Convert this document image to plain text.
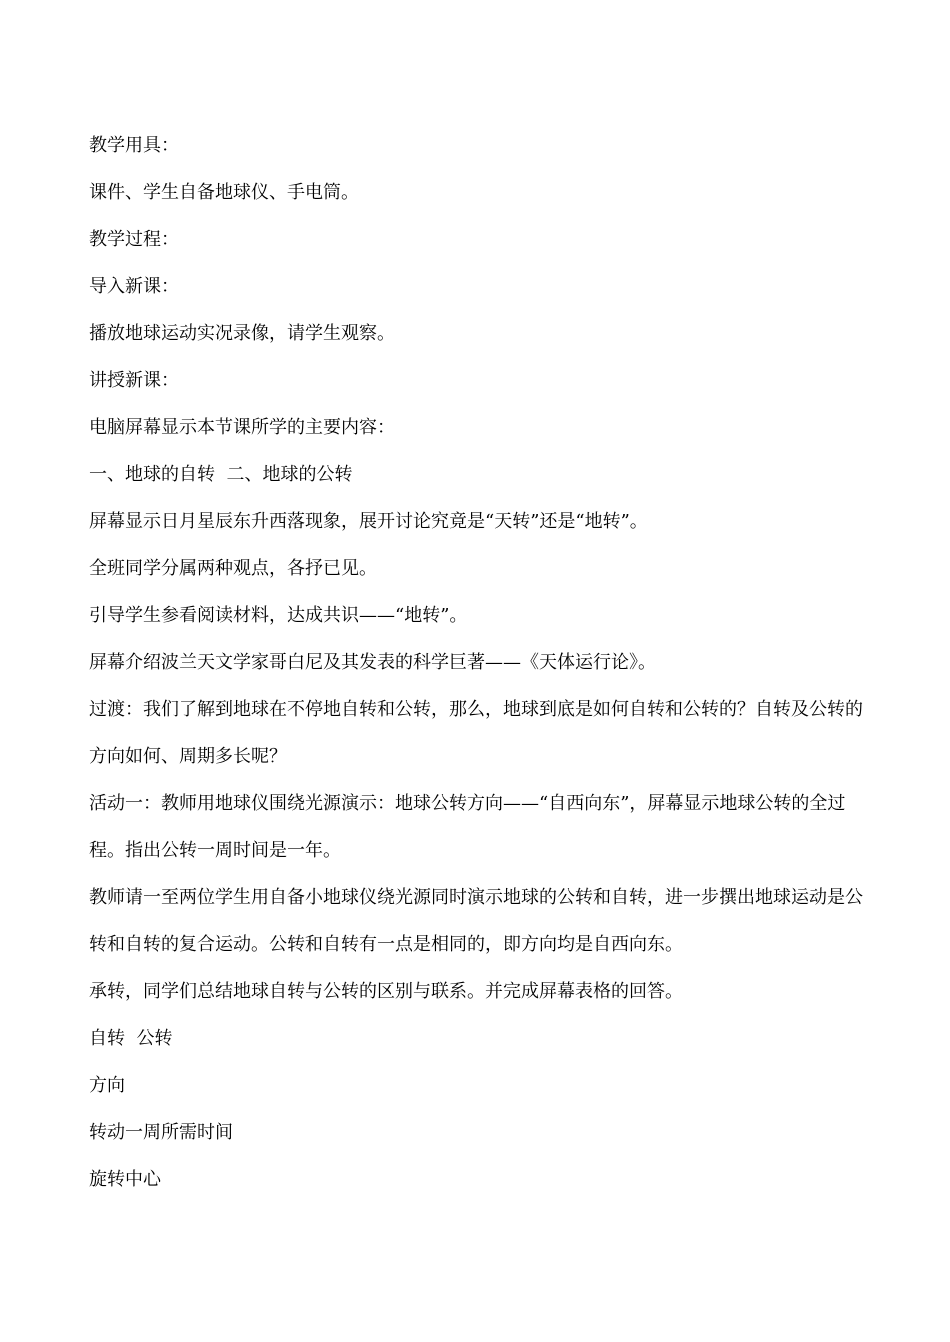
教学用具：

课件、学生自备地球仪、手电筒。

教学过程：

导入新课：

播放地球运动实况录像，请学生观察。

讲授新课：

电脑屏幕显示本节课所学的主要内容：

一、地球的自转  二、地球的公转

屏幕显示日月星辰东升西落现象，展开讨论究竟是“天转”还是“地转”。

全班同学分属两种观点，各抒已见。

引导学生参看阅读材料，达成共识——“地转”。

屏幕介绍波兰天文学家哥白尼及其发表的科学巨著——《天体运行论》。

过渡：我们了解到地球在不停地自转和公转，那么，地球到底是如何自转和公转的？自转及公转的方向如何、周期多长呢？

活动一：教师用地球仪围绕光源演示：地球公转方向——“自西向东”，屏幕显示地球公转的全过程。指出公转一周时间是一年。

教师请一至两位学生用自备小地球仪绕光源同时演示地球的公转和自转，进一步撰出地球运动是公转和自转的复合运动。公转和自转有一点是相同的，即方向均是自西向东。

承转，同学们总结地球自转与公转的区别与联系。并完成屏幕表格的回答。

自转  公转

方向

转动一周所需时间

旋转中心
